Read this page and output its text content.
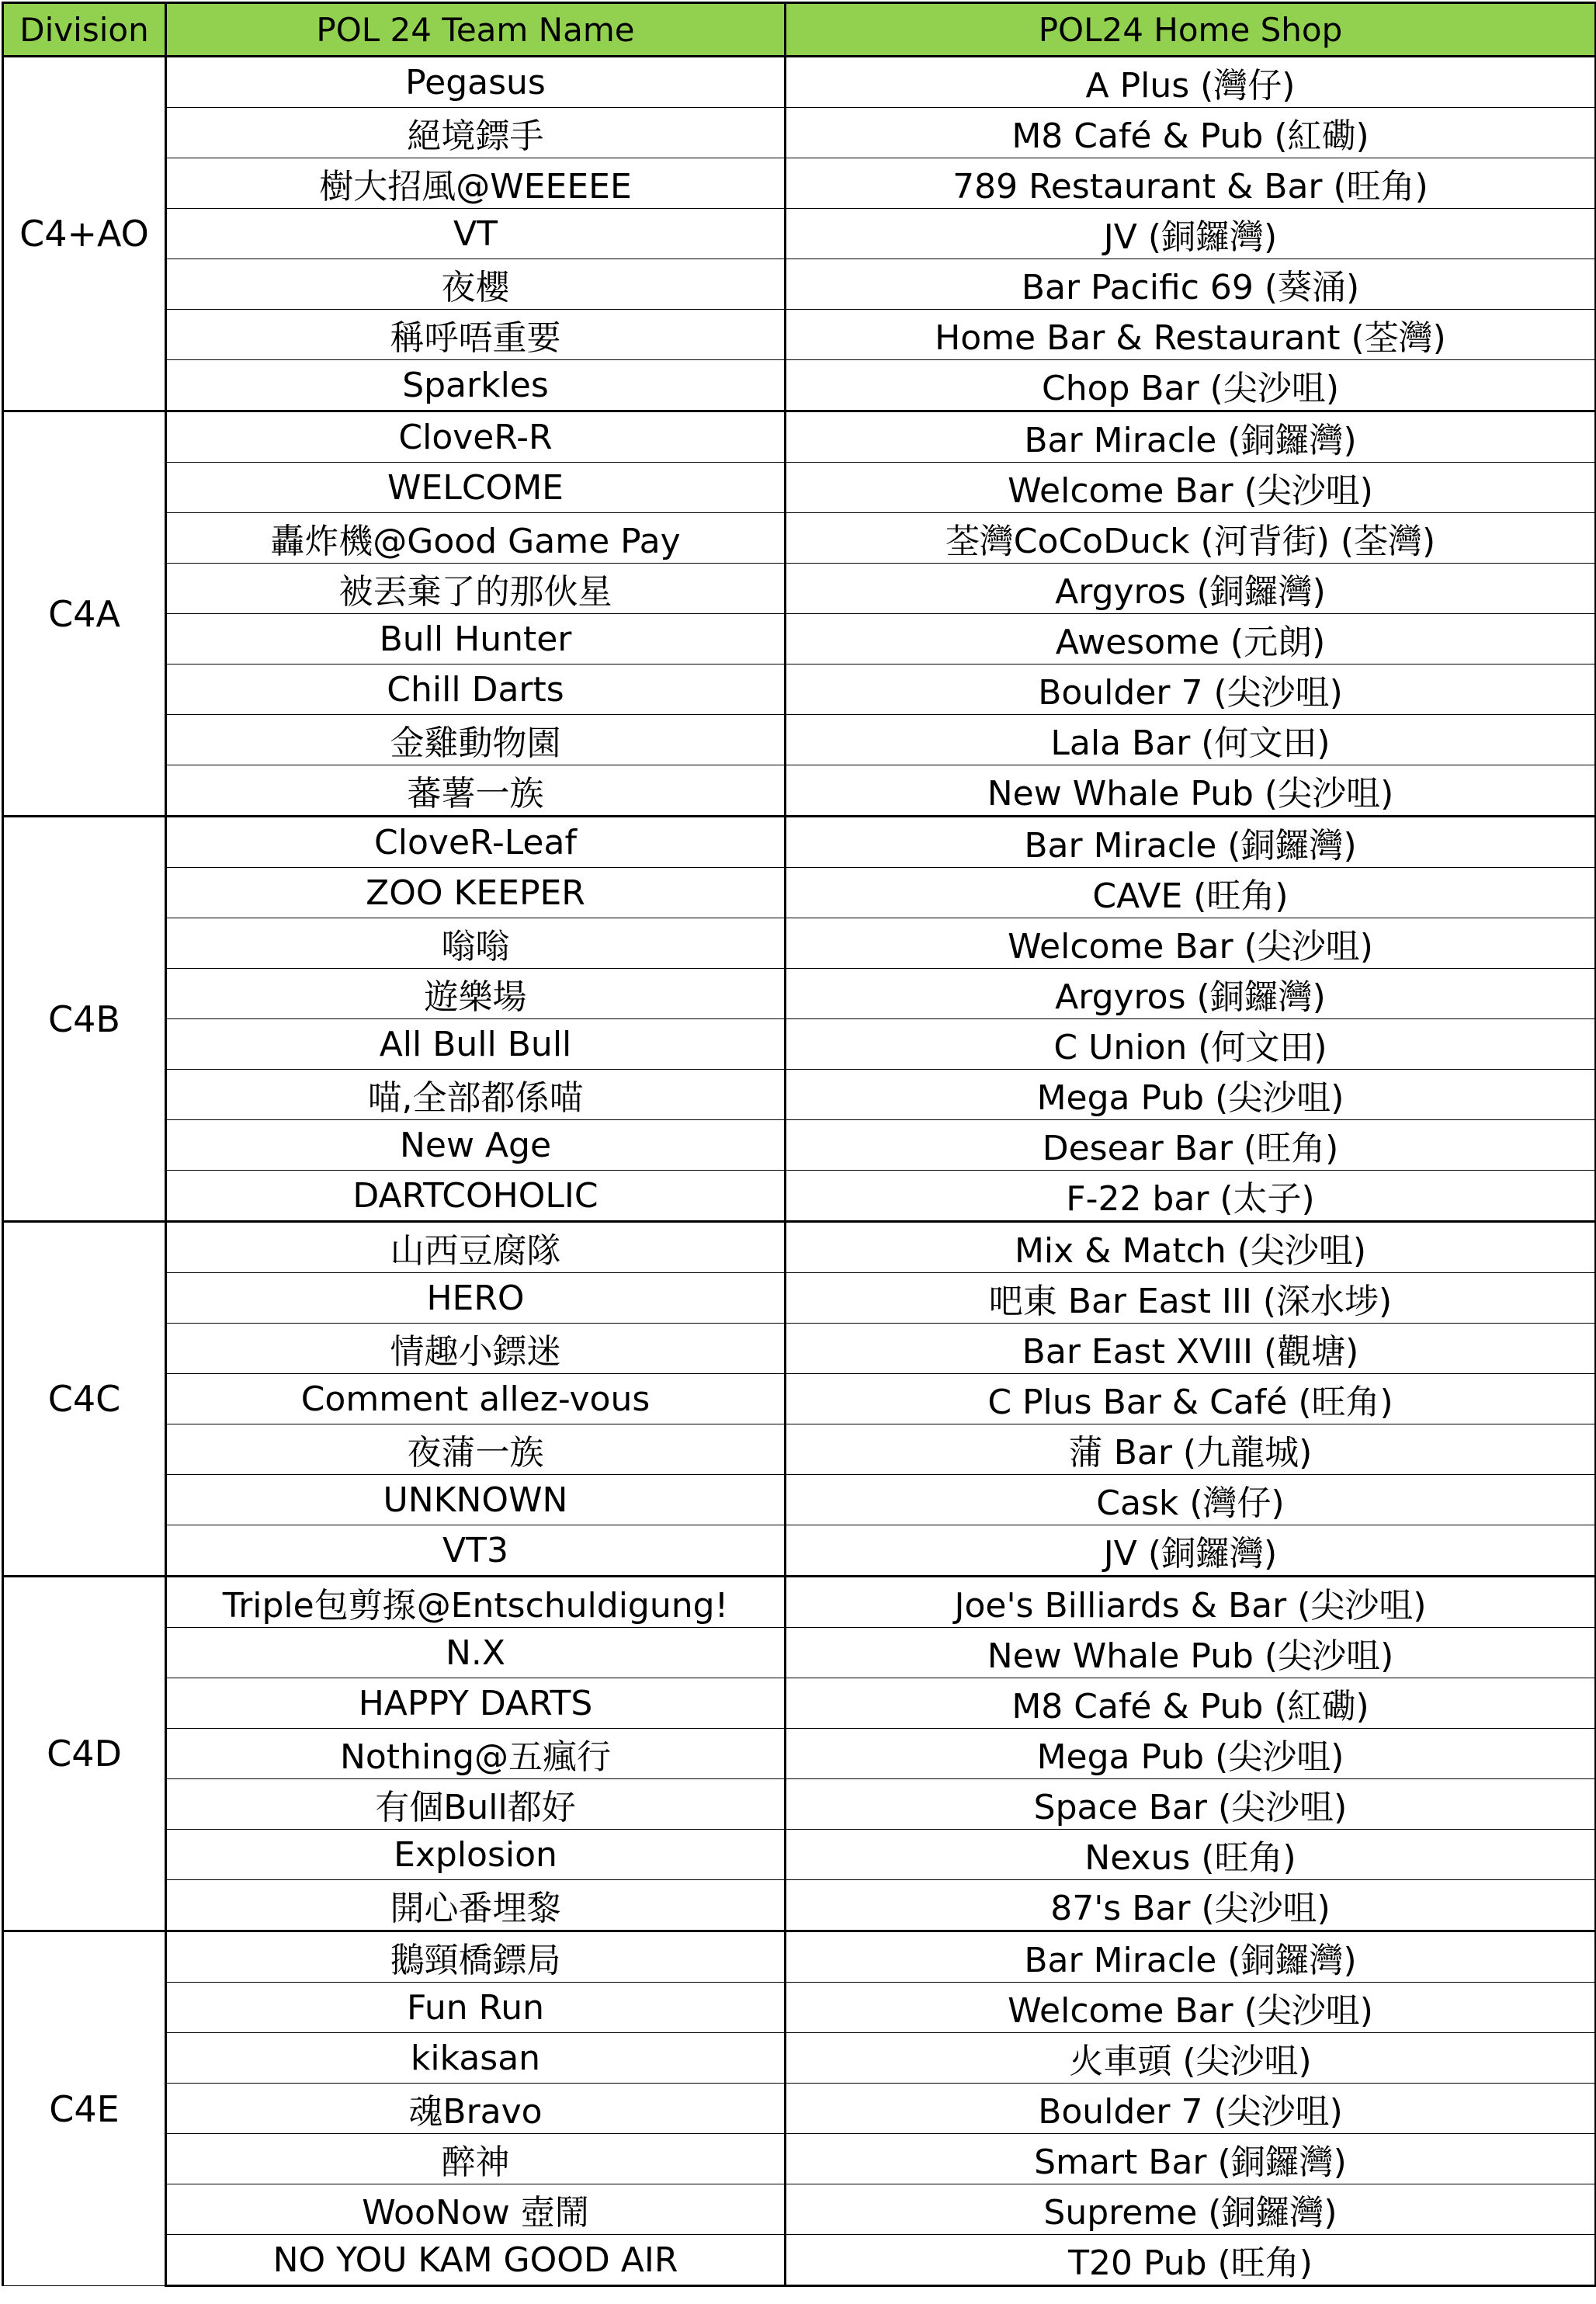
Division	POL 24 Team Name	POL24 Home Shop
C4+AO	Pegasus	A Plus (灣仔)
	絕境鏢手	M8 Café & Pub (紅磡)
	樹大招風@WEEEEE	789 Restaurant & Bar (旺角)
	VT	JV (銅鑼灣)
	夜櫻	Bar Pacific 69 (葵涌)
	稱呼唔重要	Home Bar & Restaurant (荃灣)
	Sparkles	Chop Bar (尖沙咀)
C4A	CloveR-R	Bar Miracle (銅鑼灣)
	WELCOME	Welcome Bar (尖沙咀)
	轟炸機@Good Game Pay	荃灣CoCoDuck (河背街) (荃灣)
	被丟棄了的那伙星	Argyros (銅鑼灣)
	Bull Hunter	Awesome (元朗)
	Chill Darts	Boulder 7 (尖沙咀)
	金雞動物園	Lala Bar (何文田)
	蕃薯一族	New Whale Pub (尖沙咀)
C4B	CloveR-Leaf	Bar Miracle (銅鑼灣)
	ZOO KEEPER	CAVE (旺角)
	嗡嗡	Welcome Bar (尖沙咀)
	遊樂場	Argyros (銅鑼灣)
	All Bull Bull	C Union (何文田)
	喵,全部都係喵	Mega Pub (尖沙咀)
	New Age	Desear Bar (旺角)
	DARTCOHOLIC	F-22 bar (太子)
C4C	山西豆腐隊	Mix & Match (尖沙咀)
	HERO	吧東 Bar East III (深水埗)
	情趣小鏢迷	Bar East XVIII (觀塘)
	Comment allez-vous	C Plus Bar & Café (旺角)
	夜蒲一族	蒲 Bar (九龍城)
	UNKNOWN	Cask (灣仔)
	VT3	JV (銅鑼灣)
C4D	Triple包剪揼@Entschuldigung!	Joe's Billiards & Bar (尖沙咀)
	N.X	New Whale Pub (尖沙咀)
	HAPPY DARTS	M8 Café & Pub (紅磡)
	Nothing@五瘋行	Mega Pub (尖沙咀)
	有個Bull都好	Space Bar (尖沙咀)
	Explosion	Nexus (旺角)
	開心番埋黎	87's Bar (尖沙咀)
C4E	鵝頸橋鏢局	Bar Miracle (銅鑼灣)
	Fun Run	Welcome Bar (尖沙咀)
	kikasan	火車頭 (尖沙咀)
	魂Bravo	Boulder 7 (尖沙咀)
	醉神	Smart Bar (銅鑼灣)
	WooNow 壺鬧	Supreme (銅鑼灣)
	NO YOU KAM GOOD AIR	T20 Pub (旺角)
